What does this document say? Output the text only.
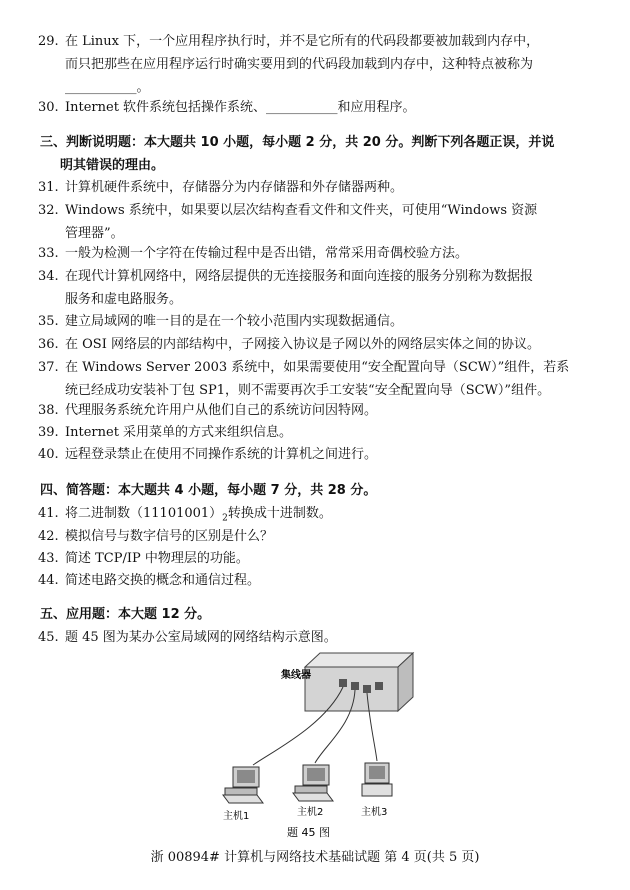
29. 在 Linux 下，一个应用程序执行时，并不是它所有的代码段都要被加载到内存中，
而只把那些在应用程序运行时确实要用到的代码段加载到内存中，这种特点被称为
___________。
30. Internet 软件系统包括操作系统、___________和应用程序。
三、判断说明题：本大题共 10 小题，每小题 2 分，共 20 分。判断下列各题正误，并说
明其错误的理由。
31. 计算机硬件系统中，存储器分为内存储器和外存储器两种。
32. Windows 系统中，如果要以层次结构查看文件和文件夹，可使用“Windows 资源
管理器”。
33. 一般为检测一个字符在传输过程中是否出错，常常采用奇偶校验方法。
34. 在现代计算机网络中，网络层提供的无连接服务和面向连接的服务分别称为数据报
服务和虚电路服务。
35. 建立局域网的唯一目的是在一个较小范围内实现数据通信。
36. 在 OSI 网络层的内部结构中，子网接入协议是子网以外的网络层实体之间的协议。
37. 在 Windows Server 2003 系统中，如果需要使用“安全配置向导（SCW）”组件，若系
统已经成功安装补丁包 SP1，则不需要再次手工安装“安全配置向导（SCW）”组件。
38. 代理服务系统允许用户从他们自己的系统访问因特网。
39. Internet 采用菜单的方式来组织信息。
40. 远程登录禁止在使用不同操作系统的计算机之间进行。
四、简答题：本大题共 4 小题，每小题 7 分，共 28 分。
41. 将二进制数$(11101001)_2$转换成十进制数。
42. 模拟信号与数字信号的区别是什么？
43. 简述 TCP/IP 中物理层的功能。
44. 简述电路交换的概念和通信过程。
五、应用题：本大题 12 分。
45. 题 45 图为某办公室局域网的网络结构示意图。
集线器
主机1	主机2	主机3
题 45 图
浙 00894# 计算机与网络技术基础试题 第 4 页(共 5 页)
